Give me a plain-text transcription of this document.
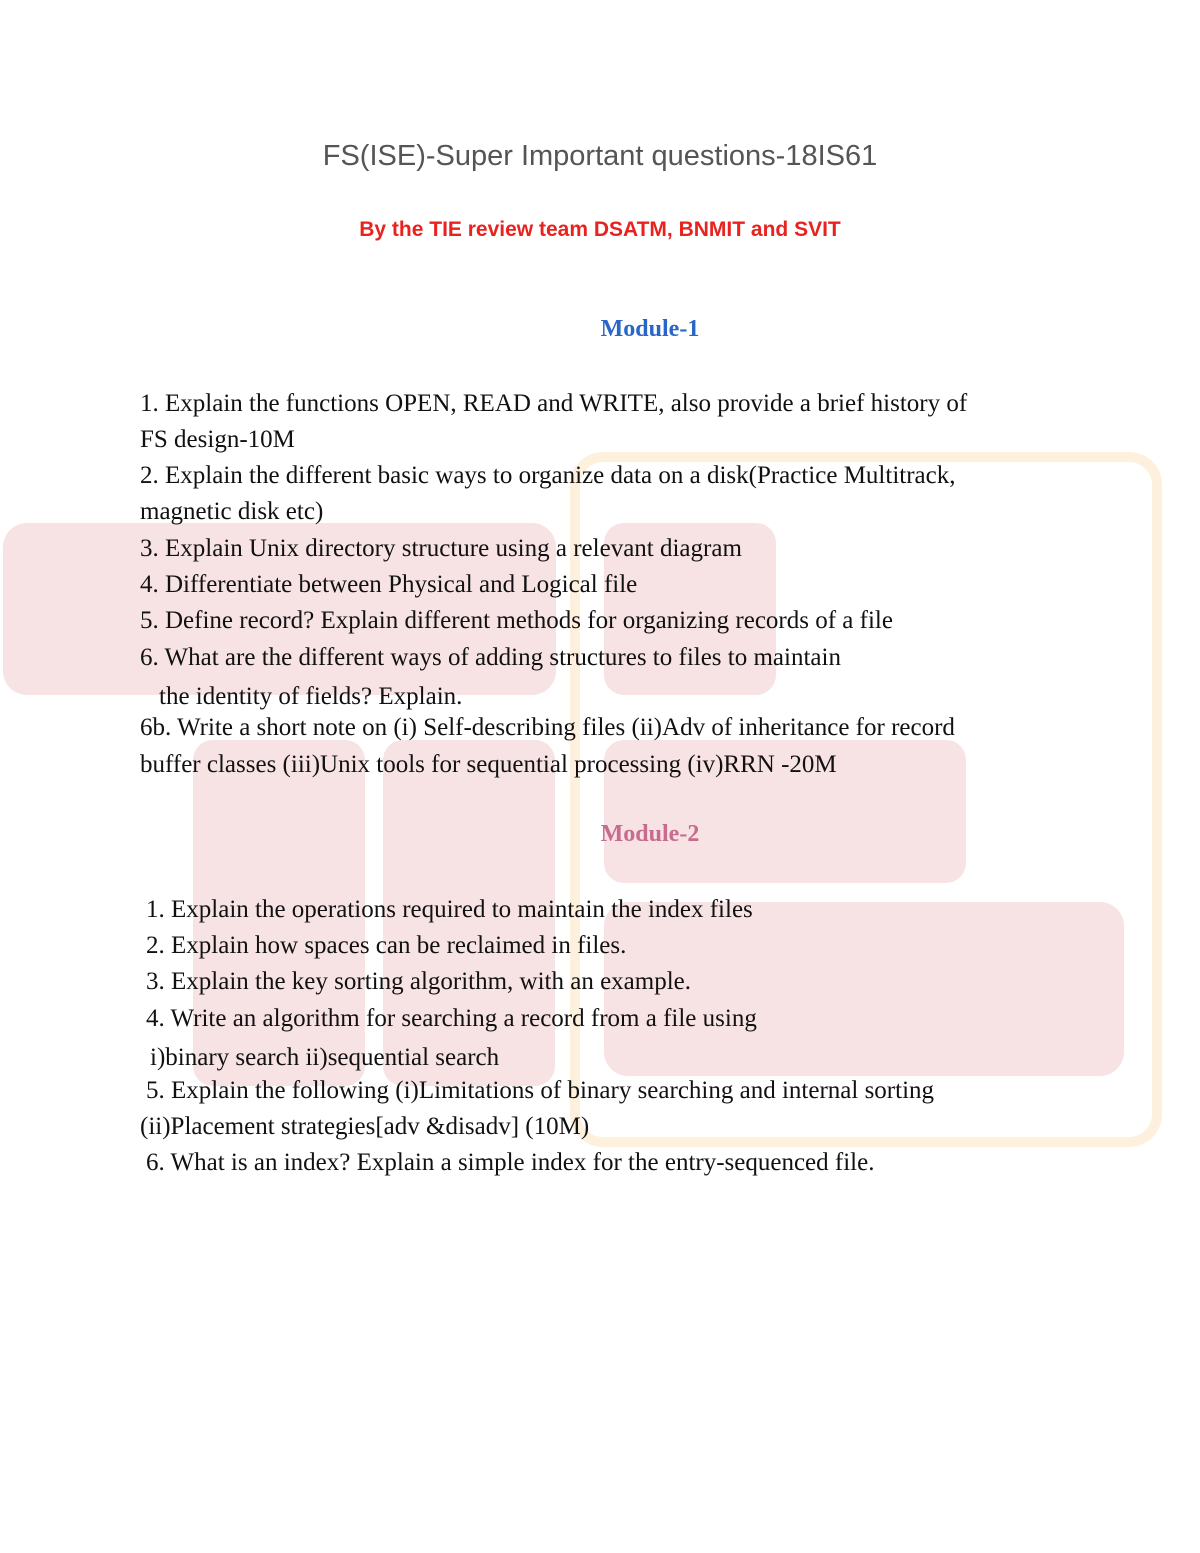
FS(ISE)-Super Important questions-18IS61
By the TIE review team DSATM, BNMIT and SVIT
Module-1
1. Explain the functions OPEN, READ and WRITE, also provide a brief history of
FS design-10M
2. Explain the different basic ways to organize data on a disk(Practice Multitrack,
magnetic disk etc)
3. Explain Unix directory structure using a relevant diagram
4. Differentiate between Physical and Logical file
5. Define record? Explain different methods for organizing records of a file
6. What are the different ways of adding structures to files to maintain
the identity of fields? Explain.
6b. Write a short note on (i) Self-describing files (ii)Adv of inheritance for record
buffer classes (iii)Unix tools for sequential processing (iv)RRN -20M
Module-2
1. Explain the operations required to maintain the index files
2. Explain how spaces can be reclaimed in files.
3. Explain the key sorting algorithm, with an example.
4. Write an algorithm for searching a record from a file using
i)binary search ii)sequential search
5. Explain the following (i)Limitations of binary searching and internal sorting
(ii)Placement strategies[adv &disadv] (10M)
6. What is an index? Explain a simple index for the entry-sequenced file.
